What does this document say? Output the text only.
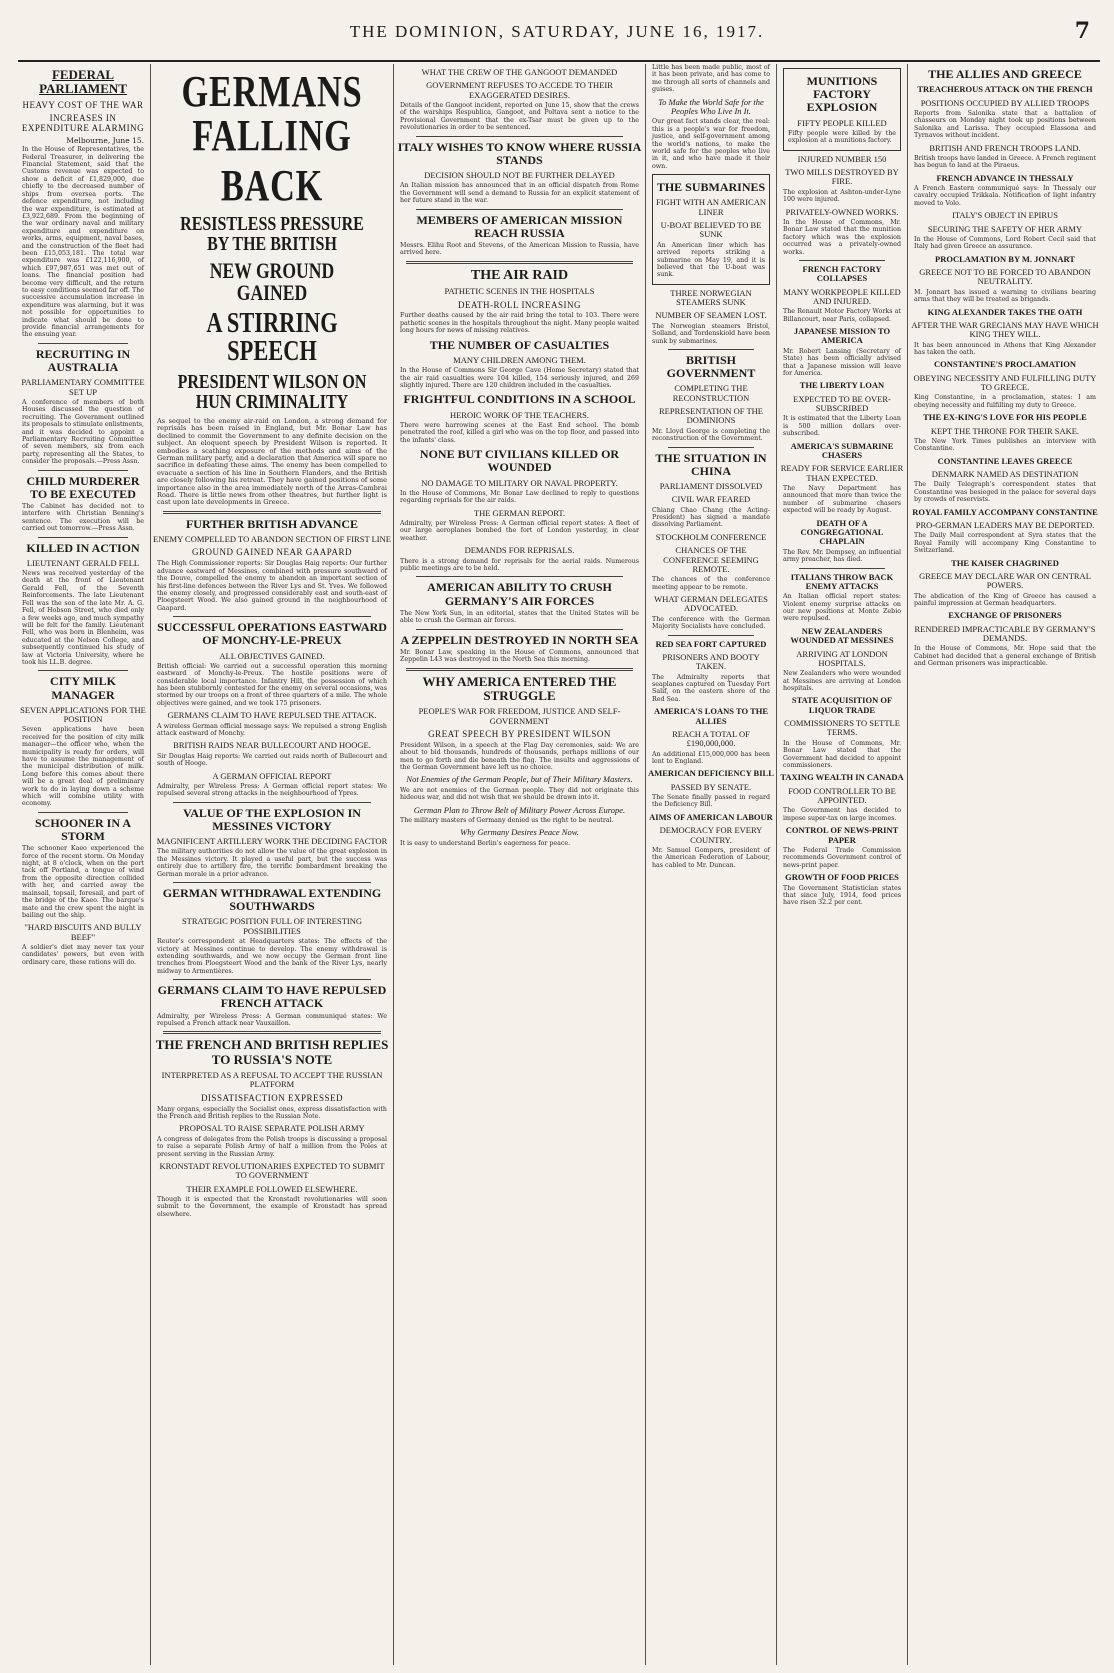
THE DOMINION, SATURDAY, JUNE 16, 1917.	7
FEDERAL PARLIAMENT
HEAVY COST OF THE WAR
INCREASES IN EXPENDITURE ALARMING
Melbourne, June 15.
In the House of Representatives, the Federal Treasurer, in delivering the Financial Statement, said that the Customs revenue was expected to show a deficit of £1,829,000, due chiefly to the decreased number of ships from oversea ports. The defence expenditure, not including the war expenditure, is estimated at £3,922,689. From the beginning of the war ordinary naval and military expenditure and expenditure on works, arms, equipment, naval bases, and the construction of the fleet had been £15,053,181. The total war expenditure was £122,116,900, of which £97,987,651 was met out of loans. The financial position had become very difficult, and the return to easy conditions seemed far off. The successive accumulation increase in expenditure was alarming, but it was not possible for opportunities to indicate what should be done to provide financial arrangements for the ensuing year.
RECRUITING IN AUSTRALIA
PARLIAMENTARY COMMITTEE SET UP
A conference of members of both Houses discussed the question of recruiting. The Government outlined its proposals to stimulate enlistments, and it was decided to appoint a Parliamentary Recruiting Committee of seven members, six from each party, representing all the States, to consider the proposals.—Press Assn.
CHILD MURDERER TO BE EXECUTED
The Cabinet has decided not to interfere with Christian Benning's sentence. The execution will be carried out tomorrow.—Press Assn.
KILLED IN ACTION
LIEUTENANT GERALD FELL
News was received yesterday of the death at the front of Lieutenant Gerald Fell, of the Seventh Reinforcements. The late Lieutenant Fell was the son of the late Mr. A. G. Fell, of Hobson Street, who died only a few weeks ago, and much sympathy will be felt for the family. Lieutenant Fell, who was born in Blenheim, was educated at the Nelson College, and subsequently continued his study of law at Victoria University, where he took his LL.B. degree.
CITY MILK MANAGER
SEVEN APPLICATIONS FOR THE POSITION
Seven applications have been received for the position of city milk manager—the officer who, when the municipality is ready for orders, will have to assume the management of the municipal distribution of milk. Long before this comes about there will be a great deal of preliminary work to do in laying down a scheme which will combine utility with economy.
SCHOONER IN A STORM
The schooner Kaeo experienced the force of the recent storm. On Monday night, at 8 o'clock, when on the port tack off Portland, a tongue of wind from the opposite direction collided with her, and carried away the mainsail, topsail, foresail, and part of the bridge of the Kaeo. The barque's mate and the crew spent the night in bailing out the ship.
"HARD BISCUITS AND BULLY BEEF"
A soldier's diet may never tax your candidates' powers, but even with ordinary care, these rations will do.
GERMANS FALLING
BACK
RESISTLESS PRESSURE BY THE BRITISH
NEW GROUND GAINED
A STIRRING SPEECH
PRESIDENT WILSON ON HUN CRIMINALITY
As sequel to the enemy air-raid on London, a strong demand for reprisals has been raised in England, but Mr. Bonar Law has declined to commit the Government to any definite decision on the subject. An eloquent speech by President Wilson is reported. It embodies a scathing exposure of the methods and aims of the German military party, and a declaration that America will spare no sacrifice in defeating these aims. The enemy has been compelled to evacuate a section of his line in Southern Flanders, and the British are closely following his retreat. They have gained positions of some importance also in the area immediately north of the Arras-Cambrai Road. There is little news from other theatres, but further light is cast upon late developments in Greece.
FURTHER BRITISH ADVANCE
ENEMY COMPELLED TO ABANDON SECTION OF FIRST LINE
GROUND GAINED NEAR GAAPARD
The High Commissioner reports: Sir Douglas Haig reports: Our further advance eastward of Messines, combined with pressure southward of the Douve, compelled the enemy to abandon an important section of his first-line defences between the River Lys and St. Yves. We followed the enemy closely, and progressed considerably east and south-east of Ploegsteert Wood. We also gained ground in the neighbourhood of Gaapard.
SUCCESSFUL OPERATIONS EASTWARD OF MONCHY-LE-PREUX
ALL OBJECTIVES GAINED.
British official: We carried out a successful operation this morning eastward of Monchy-le-Preux. The hostile positions were of considerable local importance. Infantry Hill, the possession of which has been stubbornly contested for the enemy on several occasions, was stormed by our troops on a front of three quarters of a mile. The whole objectives were gained, and we took 175 prisoners.
GERMANS CLAIM TO HAVE REPULSED THE ATTACK.
A wireless German official message says: We repulsed a strong English attack eastward of Monchy.
BRITISH RAIDS NEAR BULLECOURT AND HOOGE.
Sir Douglas Haig reports: We carried out raids north of Bullecourt and south of Hooge.
A GERMAN OFFICIAL REPORT
Admiralty, per Wireless Press: A German official report states: We repulsed several strong attacks in the neighbourhood of Ypres.
VALUE OF THE EXPLOSION IN MESSINES VICTORY
MAGNIFICENT ARTILLERY WORK THE DECIDING FACTOR
The military authorities do not allow the value of the great explosion in the Messines victory. It played a useful part, but the success was entirely due to artillery fire, the terrific bombardment breaking the German morale in a prior advance.
GERMAN WITHDRAWAL EXTENDING SOUTHWARDS
STRATEGIC POSITION FULL OF INTERESTING POSSIBILITIES
Reuter's correspondent at Headquarters states: The effects of the victory at Messines continue to develop. The enemy withdrawal is extending southwards, and we now occupy the German front line trenches from Ploegsteert Wood and the bank of the River Lys, nearly midway to Armentières.
GERMANS CLAIM TO HAVE REPULSED FRENCH ATTACK
Admiralty, per Wireless Press: A German communiqué states: We repulsed a French attack near Vauxaillon.
THE FRENCH AND BRITISH REPLIES TO RUSSIA'S NOTE
INTERPRETED AS A REFUSAL TO ACCEPT THE RUSSIAN PLATFORM
DISSATISFACTION EXPRESSED
Many organs, especially the Socialist ones, express dissatisfaction with the French and British replies to the Russian Note.
PROPOSAL TO RAISE SEPARATE POLISH ARMY
A congress of delegates from the Polish troops is discussing a proposal to raise a separate Polish Army of half a million from the Poles at present serving in the Russian Army.
KRONSTADT REVOLUTIONARIES EXPECTED TO SUBMIT TO GOVERNMENT
THEIR EXAMPLE FOLLOWED ELSEWHERE.
Though it is expected that the Kronstadt revolutionaries will soon submit to the Government, the example of Kronstadt has spread elsewhere.
WHAT THE CREW OF THE GANGOOT DEMANDED
GOVERNMENT REFUSES TO ACCEDE TO THEIR EXAGGERATED DESIRES.
Details of the Gangoot incident, reported on June 15, show that the crews of the warships Respublica, Gangoot, and Poltava sent a notice to the Provisional Government that the ex-Tsar must be given up to the revolutionaries in order to be sentenced.
ITALY WISHES TO KNOW WHERE RUSSIA STANDS
DECISION SHOULD NOT BE FURTHER DELAYED
An Italian mission has announced that in an official dispatch from Rome the Government will send a demand to Russia for an explicit statement of her future stand in the war.
MEMBERS OF AMERICAN MISSION REACH RUSSIA
Messrs. Elihu Root and Stevens, of the American Mission to Russia, have arrived here.
THE AIR RAID
PATHETIC SCENES IN THE HOSPITALS
DEATH-ROLL INCREASING
Further deaths caused by the air raid bring the total to 103. There were pathetic scenes in the hospitals throughout the night. Many people waited long hours for news of missing relatives.
THE NUMBER OF CASUALTIES
MANY CHILDREN AMONG THEM.
In the House of Commons Sir George Cave (Home Secretary) stated that the air raid casualties were 104 killed, 154 seriously injured, and 269 slightly injured. There are 120 children included in the casualties.
FRIGHTFUL CONDITIONS IN A SCHOOL
HEROIC WORK OF THE TEACHERS.
There were harrowing scenes at the East End school. The bomb penetrated the roof, killed a girl who was on the top floor, and passed into the infants' class.
NONE BUT CIVILIANS KILLED OR WOUNDED
NO DAMAGE TO MILITARY OR NAVAL PROPERTY.
In the House of Commons, Mr. Bonar Law declined to reply to questions regarding reprisals for the air raids.
THE GERMAN REPORT.
Admiralty, per Wireless Press: A German official report states: A fleet of our large aeroplanes bombed the fort of London yesterday, in clear weather.
DEMANDS FOR REPRISALS.
There is a strong demand for reprisals for the aerial raids. Numerous public meetings are to be held.
AMERICAN ABILITY TO CRUSH GERMANY'S AIR FORCES
The New York Sun, in an editorial, states that the United States will be able to crush the German air forces.
A ZEPPELIN DESTROYED IN NORTH SEA
Mr. Bonar Law, speaking in the House of Commons, announced that Zeppelin L43 was destroyed in the North Sea this morning.
WHY AMERICA ENTERED THE STRUGGLE
PEOPLE'S WAR FOR FREEDOM, JUSTICE AND SELF-GOVERNMENT
GREAT SPEECH BY PRESIDENT WILSON
President Wilson, in a speech at the Flag Day ceremonies, said: We are about to bid thousands, hundreds of thousands, perhaps millions of our men to go forth and die beneath the flag. The insults and aggressions of the German Government have left us no choice.
Not Enemies of the German People, but of Their Military Masters.
We are not enemies of the German people. They did not originate this hideous war, and did not wish that we should be drawn into it.
German Plan to Throw Belt of Military Power Across Europe.
The military masters of Germany denied us the right to be neutral.
Why Germany Desires Peace Now.
It is easy to understand Berlin's eagerness for peace.
Little has been made public, most of it has been private, and has come to me through all sorts of channels and guises.
To Make the World Safe for the Peoples Who Live In It.
Our great fact stands clear, the real: this is a people's war for freedom, justice, and self-government among the world's nations, to make the world safe for the peoples who live in it, and who have made it their own.
THE SUBMARINES
FIGHT WITH AN AMERICAN LINER
U-BOAT BELIEVED TO BE SUNK
An American liner which has arrived reports striking a submarine on May 19, and it is believed that the U-boat was sunk.
THREE NORWEGIAN STEAMERS SUNK
NUMBER OF SEAMEN LOST.
The Norwegian steamers Bristol, Solland, and Tordenskiold have been sunk by submarines.
BRITISH GOVERNMENT
COMPLETING THE RECONSTRUCTION
REPRESENTATION OF THE DOMINIONS
Mr. Lloyd George is completing the reconstruction of the Government.
THE SITUATION IN CHINA
PARLIAMENT DISSOLVED
CIVIL WAR FEARED
Chiang Chao Chang (the Acting-President) has signed a mandate dissolving Parliament.
STOCKHOLM CONFERENCE
CHANCES OF THE CONFERENCE SEEMING REMOTE.
The chances of the conference meeting appear to be remote.
WHAT GERMAN DELEGATES ADVOCATED.
The conference with the German Majority Socialists have concluded.
RED SEA FORT CAPTURED
PRISONERS AND BOOTY TAKEN.
The Admiralty reports that seaplanes captured on Tuesday Fort Salif, on the eastern shore of the Red Sea.
AMERICA'S LOANS TO THE ALLIES
REACH A TOTAL OF £190,000,000.
An additional £15,000,000 has been lent to England.
AMERICAN DEFICIENCY BILL
PASSED BY SENATE.
The Senate finally passed in regard the Deficiency Bill.
AIMS OF AMERICAN LABOUR
DEMOCRACY FOR EVERY COUNTRY.
Mr. Samuel Gompers, president of the American Federation of Labour, has cabled to Mr. Duncan.
MUNITIONS FACTORY EXPLOSION
FIFTY PEOPLE KILLED
Fifty people were killed by the explosion at a munitions factory.
INJURED NUMBER 150
TWO MILLS DESTROYED BY FIRE.
The explosion at Ashton-under-Lyne 100 were injured.
PRIVATELY-OWNED WORKS.
In the House of Commons, Mr. Bonar Law stated that the munition factory which was the explosion occurred was a privately-owned works.
FRENCH FACTORY COLLAPSES
MANY WORKPEOPLE KILLED AND INJURED.
The Renault Motor Factory Works at Billancourt, near Paris, collapsed.
JAPANESE MISSION TO AMERICA
Mr. Robert Lansing (Secretary of State) has been officially advised that a Japanese mission will leave for America.
THE LIBERTY LOAN
EXPECTED TO BE OVER-SUBSCRIBED
It is estimated that the Liberty Loan is 500 million dollars over-subscribed.
AMERICA'S SUBMARINE CHASERS
READY FOR SERVICE EARLIER THAN EXPECTED.
The Navy Department has announced that more than twice the number of submarine chasers expected will be ready by August.
DEATH OF A CONGREGATIONAL CHAPLAIN
The Rev. Mr. Dempsey, an influential army preacher, has died.
ITALIANS THROW BACK ENEMY ATTACKS
An Italian official report states: Violent enemy surprise attacks on our new positions at Monte Zebio were repulsed.
NEW ZEALANDERS WOUNDED AT MESSINES
ARRIVING AT LONDON HOSPITALS.
New Zealanders who were wounded at Messines are arriving at London hospitals.
STATE ACQUISITION OF LIQUOR TRADE
COMMISSIONERS TO SETTLE TERMS.
In the House of Commons, Mr. Bonar Law stated that the Government had decided to appoint commissioners.
TAXING WEALTH IN CANADA
FOOD CONTROLLER TO BE APPOINTED.
The Government has decided to impose super-tax on large incomes.
CONTROL OF NEWS-PRINT PAPER
The Federal Trade Commission recommends Government control of news-print paper.
GROWTH OF FOOD PRICES
The Government Statistician states that since July, 1914, food prices have risen 32.2 per cent.
THE ALLIES AND GREECE
TREACHEROUS ATTACK ON THE FRENCH
POSITIONS OCCUPIED BY ALLIED TROOPS
Reports from Salonika state that a battalion of chasseurs on Monday night took up positions between Salonika and Larissa. They occupied Elassona and Tyrnavos without incident.
BRITISH AND FRENCH TROOPS LAND.
British troops have landed in Greece. A French regiment has begun to land at the Piraeus.
FRENCH ADVANCE IN THESSALY
A French Eastern communiqué says: In Thessaly our cavalry occupied Trikkala. Notification of light infantry moved to Volo.
ITALY'S OBJECT IN EPIRUS
SECURING THE SAFETY OF HER ARMY
In the House of Commons, Lord Robert Cecil said that Italy had given Greece an assurance.
PROCLAMATION BY M. JONNART
GREECE NOT TO BE FORCED TO ABANDON NEUTRALITY.
M. Jonnart has issued a warning to civilians bearing arms that they will be treated as brigands.
KING ALEXANDER TAKES THE OATH
AFTER THE WAR GRECIANS MAY HAVE WHICH KING THEY WILL.
It has been announced in Athens that King Alexander has taken the oath.
CONSTANTINE'S PROCLAMATION
OBEYING NECESSITY AND FULFILLING DUTY TO GREECE.
King Constantine, in a proclamation, states: I am obeying necessity and fulfilling my duty to Greece.
THE EX-KING'S LOVE FOR HIS PEOPLE
KEPT THE THRONE FOR THEIR SAKE.
The New York Times publishes an interview with Constantine.
CONSTANTINE LEAVES GREECE
DENMARK NAMED AS DESTINATION
The Daily Telegraph's correspondent states that Constantine was besieged in the palace for several days by crowds of reservists.
ROYAL FAMILY ACCOMPANY CONSTANTINE
PRO-GERMAN LEADERS MAY BE DEPORTED.
The Daily Mail correspondent at Syra states that the Royal Family will accompany King Constantine to Switzerland.
THE KAISER CHAGRINED
GREECE MAY DECLARE WAR ON CENTRAL POWERS.
The abdication of the King of Greece has caused a painful impression at German headquarters.
EXCHANGE OF PRISONERS
RENDERED IMPRACTICABLE BY GERMANY'S DEMANDS.
In the House of Commons, Mr. Hope said that the Cabinet had decided that a general exchange of British and German prisoners was impracticable.
